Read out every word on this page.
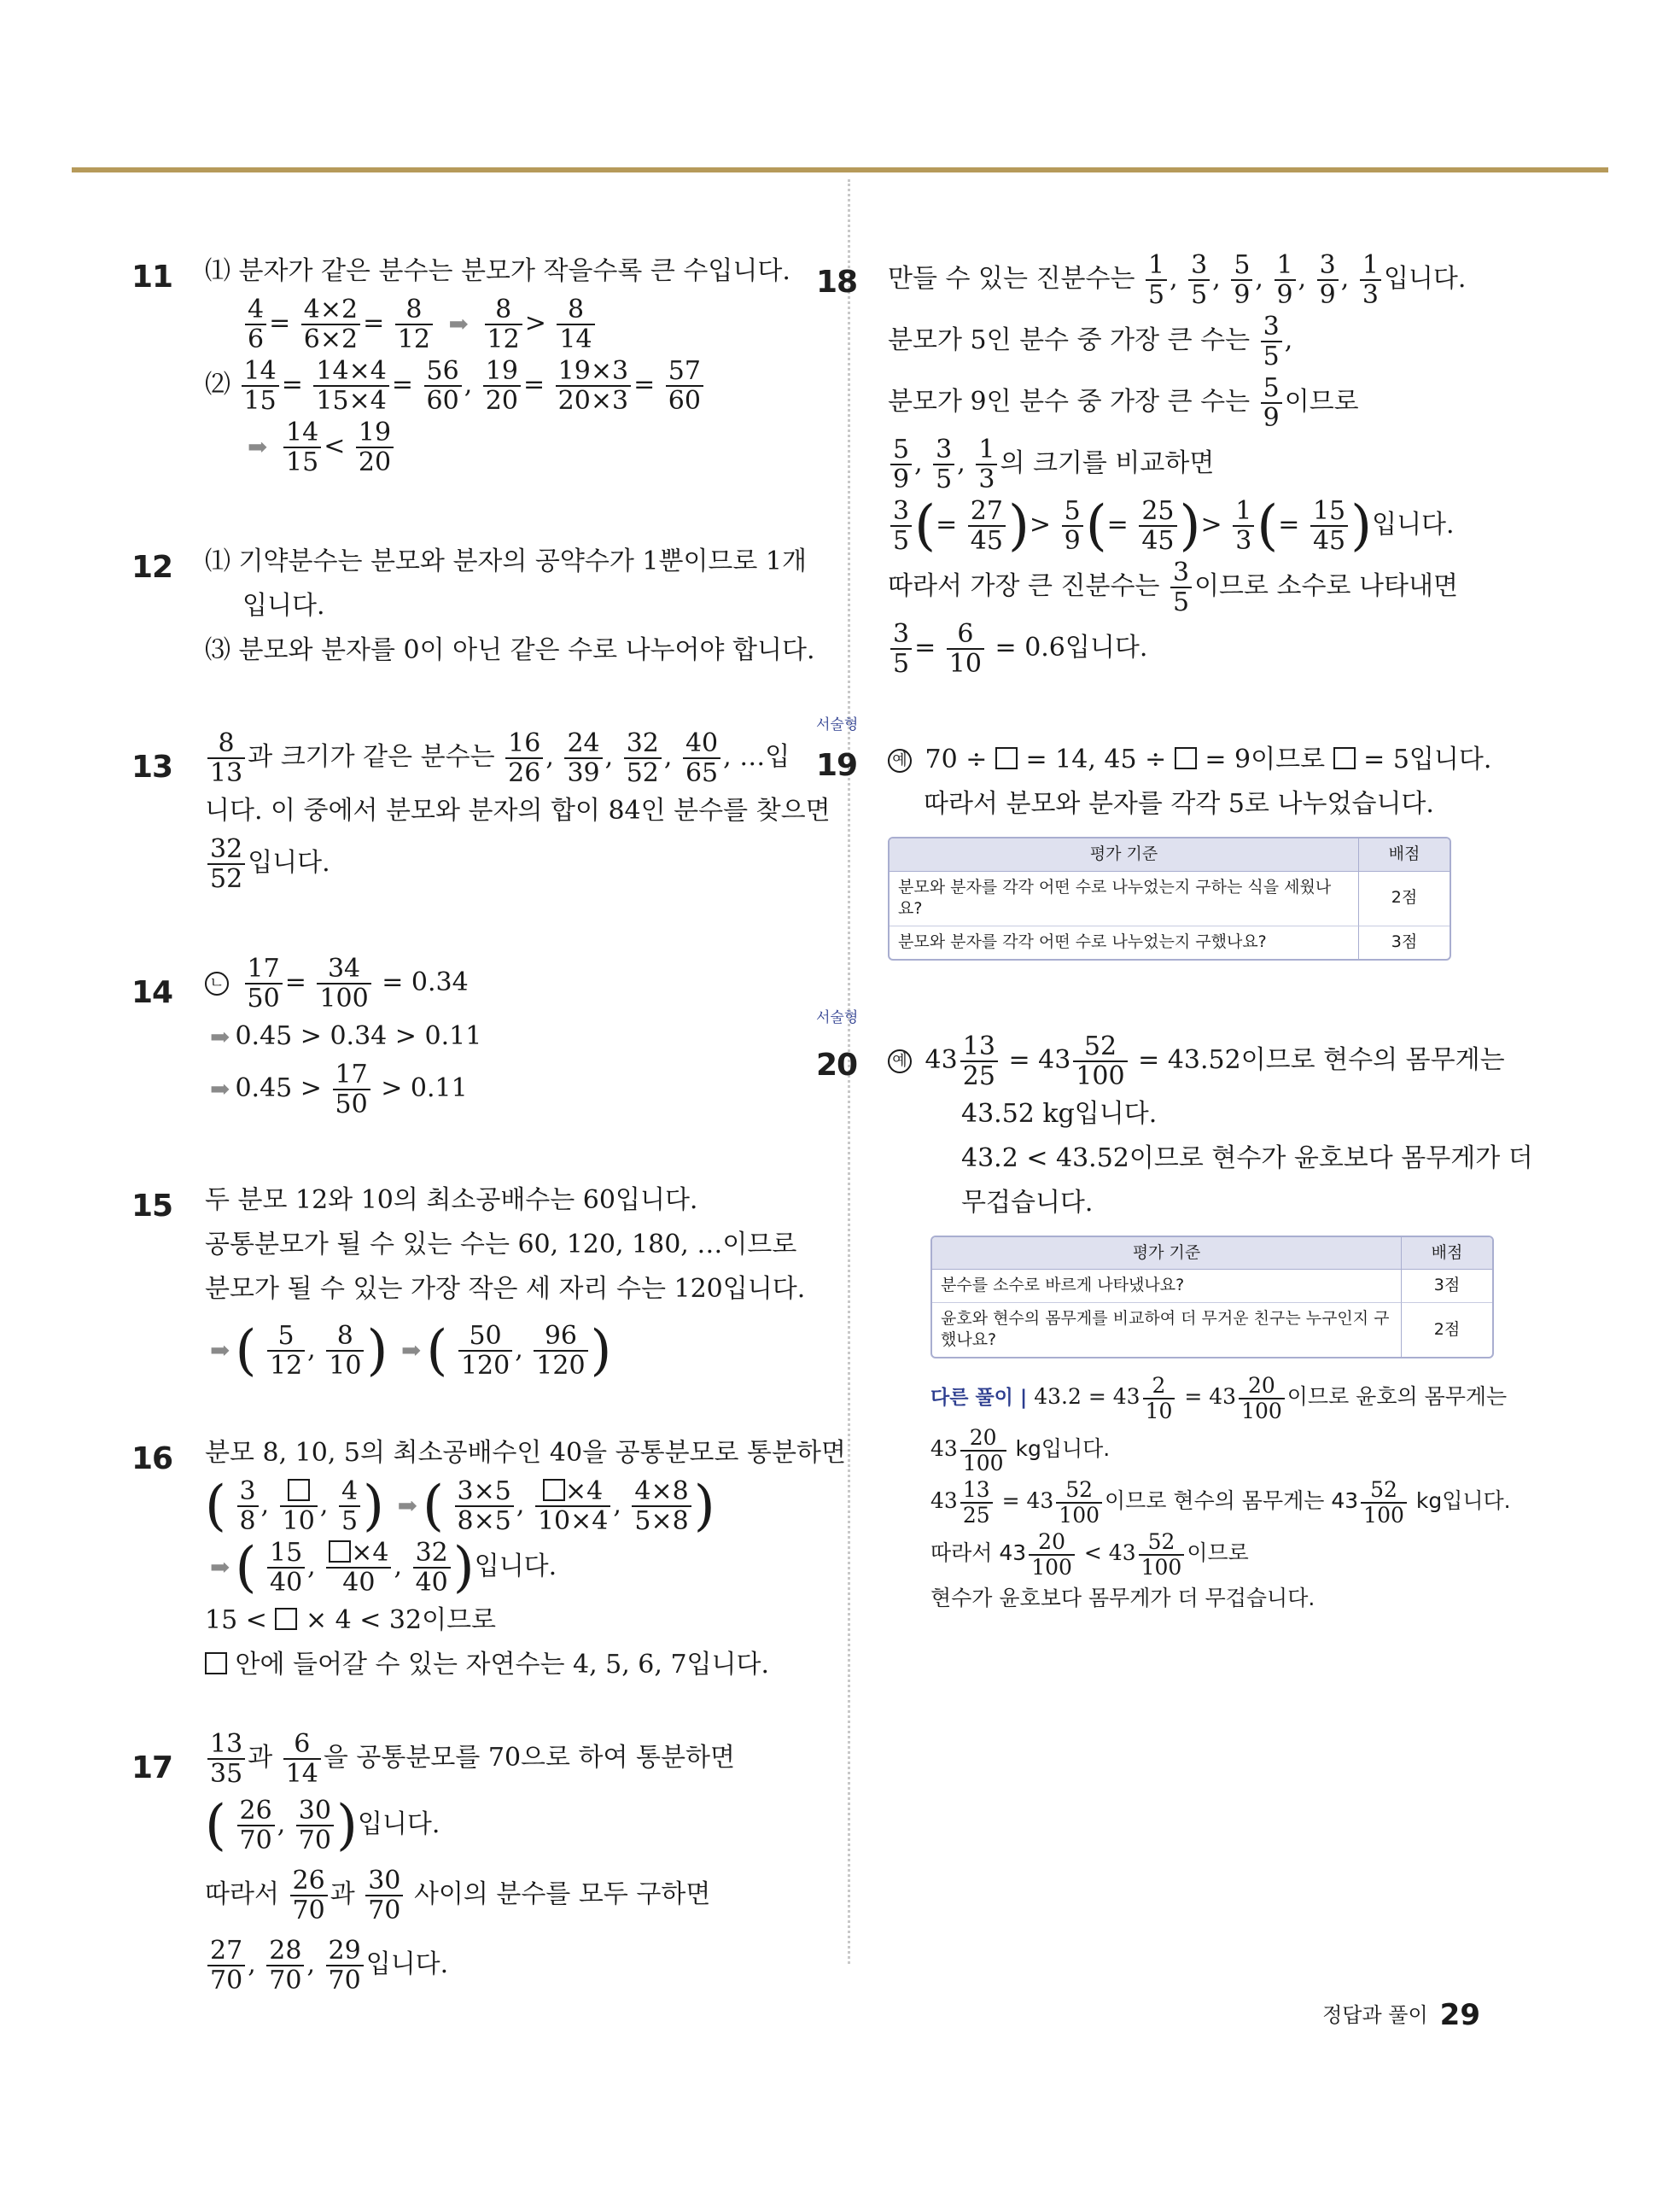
11	⑴ 분자가 같은 분수는 분모가 작을수록 큰 수입니다.
$\frac{4}{6} = \frac{4\times 2}{6\times 2} = \frac{8}{12}$ ➡ $\frac{8}{12} > \frac{8}{14}$
⑵ $\frac{14}{15} = \frac{14\times 4}{15\times 4} = \frac{56}{60}$ , $\frac{19}{20} = \frac{19\times 3}{20\times 3} = \frac{57}{60}$
➡ $\frac{14}{15} < \frac{19}{20}$
12	⑴ 기약분수는 분모와 분자의 공약수가 1뿐이므로 1개
입니다.
⑶ 분모와 분자를 0이 아닌 같은 수로 나누어야 합니다.
13	$\frac{8}{13}$ 과 크기가 같은 분수는 $\frac{16}{26}$ , $\frac{24}{39}$ , $\frac{32}{52}$ , $\frac{40}{65}$ , …입
니다. 이 중에서 분모와 분자의 합이 84인 분수를 찾으면
$\frac{32}{52}$ 입니다.
14	ㄴ $\frac{17}{50} = \frac{34}{100} = 0.34$
➡ 0.45 > 0.34 > 0.11
➡ $0.45 > \frac{17}{50} > 0.11$
15	두 분모 12와 10의 최소공배수는 60입니다.
공통분모가 될 수 있는 수는 60, 120, 180, …이므로
분모가 될 수 있는 가장 작은 세 자리 수는 120입니다.
➡( $\frac{5}{12}$ , $\frac{8}{10}$ ) ➡( $\frac{50}{120}$ , $\frac{96}{120}$ )
16	분모 8, 10, 5의 최소공배수인 40을 공통분모로 통분하면
( $\frac{3}{8}$ ,
10
, $\frac{4}{5}$ ) ➡( $\frac{3\times 5}{8\times 5}$ , $\frac{\times 4}{10\times 4}$ , $\frac{4\times 8}{5\times 8}$ )
➡( $\frac{15}{40}$ , $\frac{\times 4}{40}$ , $\frac{32}{40}$ )입니다.
15 < × 4 < 32이므로
안에 들어갈 수 있는 자연수는 4, 5, 6, 7입니다.
17	$\frac{13}{35}$ 과 $\frac{6}{14}$ 을 공통분모를 70으로 하여 통분하면
( $\frac{26}{70}$ , $\frac{30}{70}$ )입니다.
따라서 $\frac{26}{70}$ 과 $\frac{30}{70}$ 사이의 분수를 모두 구하면
$\frac{27}{70}$ , $\frac{28}{70}$ , $\frac{29}{70}$ 입니다.
18	만들 수 있는 진분수는 $\frac{1}{5}$ , $\frac{3}{5}$ , $\frac{5}{9}$ , $\frac{1}{9}$ , $\frac{3}{9}$ , $\frac{1}{3}$ 입니다.
분모가 5인 분수 중 가장 큰 수는 $\frac{3}{5}$ ,
분모가 9인 분수 중 가장 큰 수는 $\frac{5}{9}$ 이므로
$\frac{5}{9}$ , $\frac{3}{5}$ , $\frac{1}{3}$ 의 크기를 비교하면
$\frac{3}{5}$ (= $\frac{27}{45}$ )> $\frac{5}{9}$ (= $\frac{25}{45}$ )> $\frac{1}{3}$ (= $\frac{15}{45}$ )입니다.
따라서 가장 큰 진분수는 $\frac{3}{5}$ 이므로 소수로 나타내면
$\frac{3}{5} = \frac{6}{10} = 0.6$입니다.
서술형
19	예 70 ÷ = 14, 45 ÷ = 9이므로 = 5입니다.
따라서 분모와 분자를 각각 5로 나누었습니다.
평가 기준	배점
분모와 분자를 각각 어떤 수로 나누었는지 구하는 식을 세웠나요?	2점
분모와 분자를 각각 어떤 수로 나누었는지 구했나요?	3점
서술형
20	예 $43 \frac{13}{25} = 43 \frac{52}{100} = 43.52$이므로 현수의 몸무게는
43.52 kg입니다.
43.2 < 43.52이므로 현수가 윤호보다 몸무게가 더
무겁습니다.
평가 기준	배점
분수를 소수로 바르게 나타냈나요?	3점
윤호와 현수의 몸무게를 비교하여 더 무거운 친구는 누구인지 구했나요?	2점
다른 풀이 | $43.2 = 43 \frac{2}{10} = 43 \frac{20}{100}$ 이므로 윤호의 몸무게는
$43 \frac{20}{100}$ kg입니다.
$43 \frac{13}{25} = 43 \frac{52}{100}$ 이므로 현수의 몸무게는 $43 \frac{52}{100}$ kg입니다.
따라서 $43 \frac{20}{100} < 43 \frac{52}{100}$ 이므로
현수가 윤호보다 몸무게가 더 무겁습니다.
정답과 풀이 29
